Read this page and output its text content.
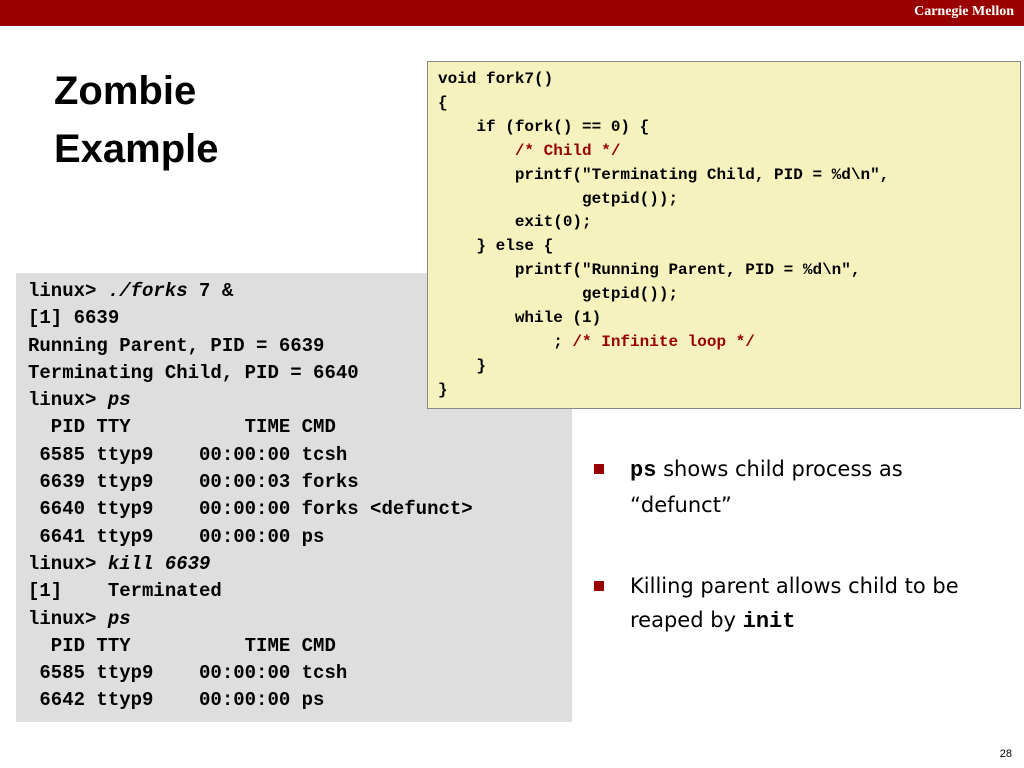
Carnegie Mellon
Zombie
Example
linux> ./forks 7 &
[1] 6639
Running Parent, PID = 6639
Terminating Child, PID = 6640
linux> ps
PID TTY          TIME CMD
6585 ttyp9    00:00:00 tcsh
6639 ttyp9    00:00:03 forks
6640 ttyp9    00:00:00 forks <defunct>
6641 ttyp9    00:00:00 ps
linux> kill 6639
[1]    Terminated
linux> ps
PID TTY          TIME CMD
6585 ttyp9    00:00:00 tcsh
6642 ttyp9    00:00:00 ps
void fork7()
{
if (fork() == 0) {
/* Child */
printf("Terminating Child, PID = %d\n",
getpid());
exit(0);
} else {
printf("Running Parent, PID = %d\n",
getpid());
while (1)
; /* Infinite loop */
}
}
ps shows child process as “defunct”
Killing parent allows child to be reaped by init
28
